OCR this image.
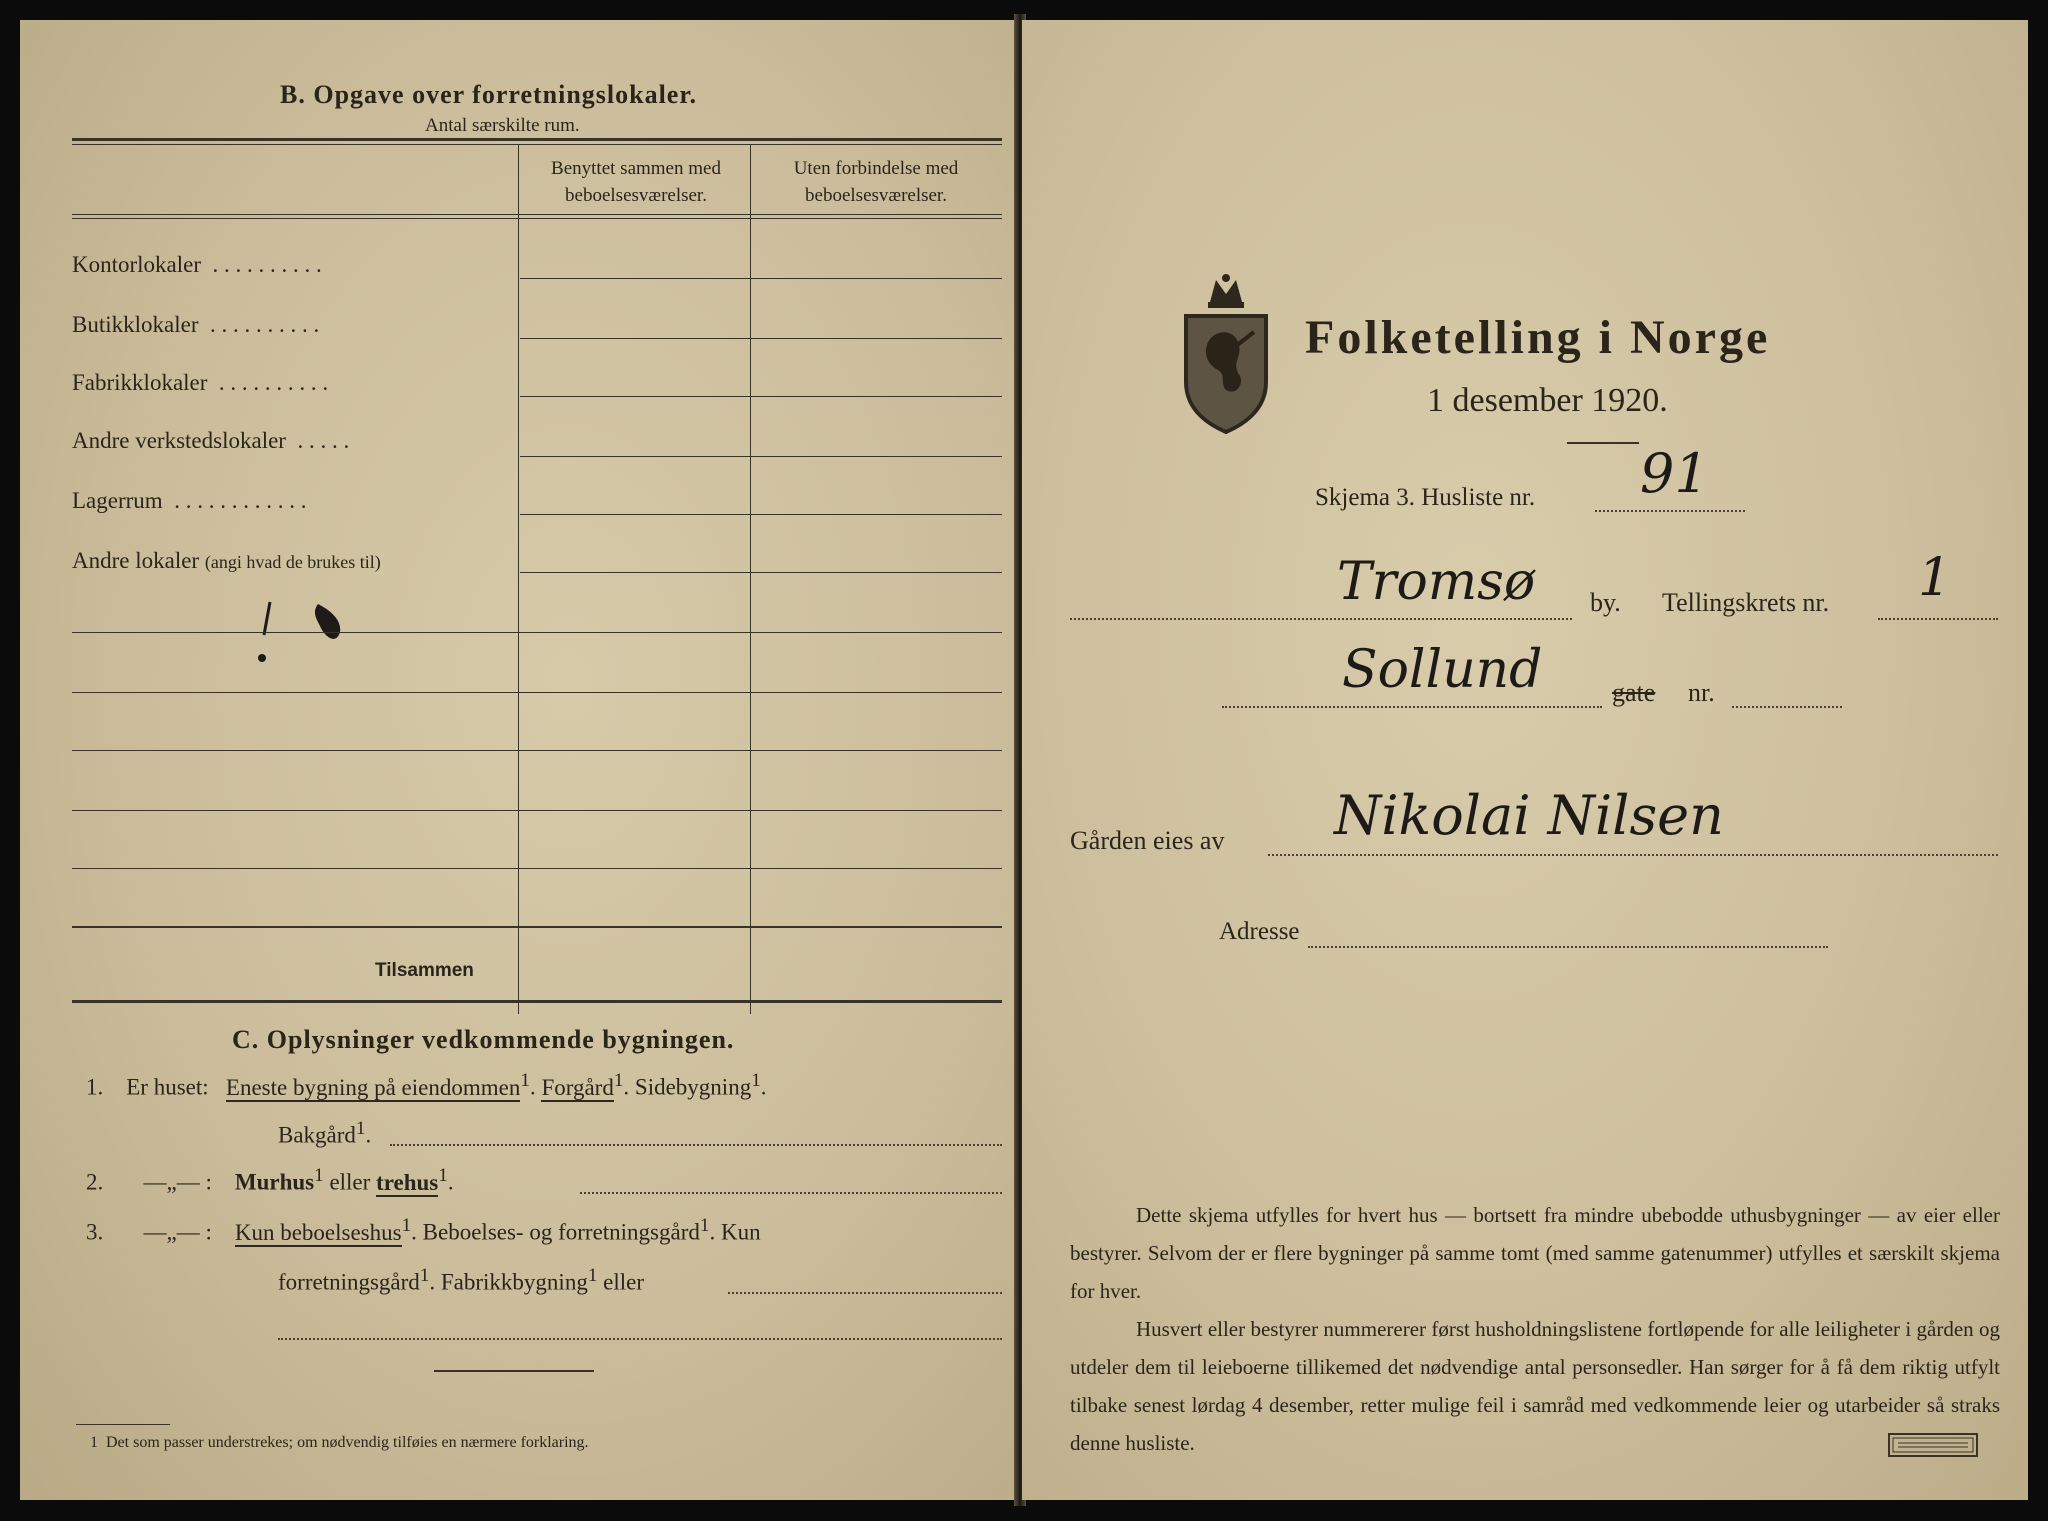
B. Opgave over forretningslokaler.
Antal særskilte rum.
Benyttet sammen med
beboelsesværelser.
Uten forbindelse med
beboelsesværelser.
Kontorlokaler . . . . . . . . . .
Butikklokaler . . . . . . . . . .
Fabrikklokaler . . . . . . . . . .
Andre verkstedslokaler . . . . .
Lagerrum . . . . . . . . . . . .
Andre lokaler (angi hvad de brukes til)
Tilsammen
C. Oplysninger vedkommende bygningen.
1. Er huset: Eneste bygning på eiendommen$^1$. Forgård$^1$. Sidebygning$^1$.
Bakgård$^1$.
2. —„— : Murhus$^1$ eller trehus$^1$.
3. —„— : Kun beboelseshus$^1$. Beboelses- og forretningsgård$^1$. Kun
forretningsgård$^1$. Fabrikkbygning$^1$ eller
1 Det som passer understrekes; om nødvendig tilføies en nærmere forklaring.
Folketelling i Norge
1 desember 1920.
Skjema 3. Husliste nr. 91
Tromsø by. Tellingskrets nr. 1
Sollund	gate nr.
Gården eies av Nikolai Nilsen
Adresse
Dette skjema utfylles for hvert hus — bortsett fra mindre ubebodde uthusbygninger — av eier eller bestyrer. Selvom der er flere bygninger på samme tomt (med samme gatenummer) utfylles et særskilt skjema for hver.
Husvert eller bestyrer nummererer først husholdningslistene fortløpende for alle leiligheter i gården og utdeler dem til leieboerne tillikemed det nødvendige antal personsedler. Han sørger for å få dem riktig utfylt tilbake senest lørdag 4 desember, retter mulige feil i samråd med vedkommende leier og utarbeider så straks denne husliste.
